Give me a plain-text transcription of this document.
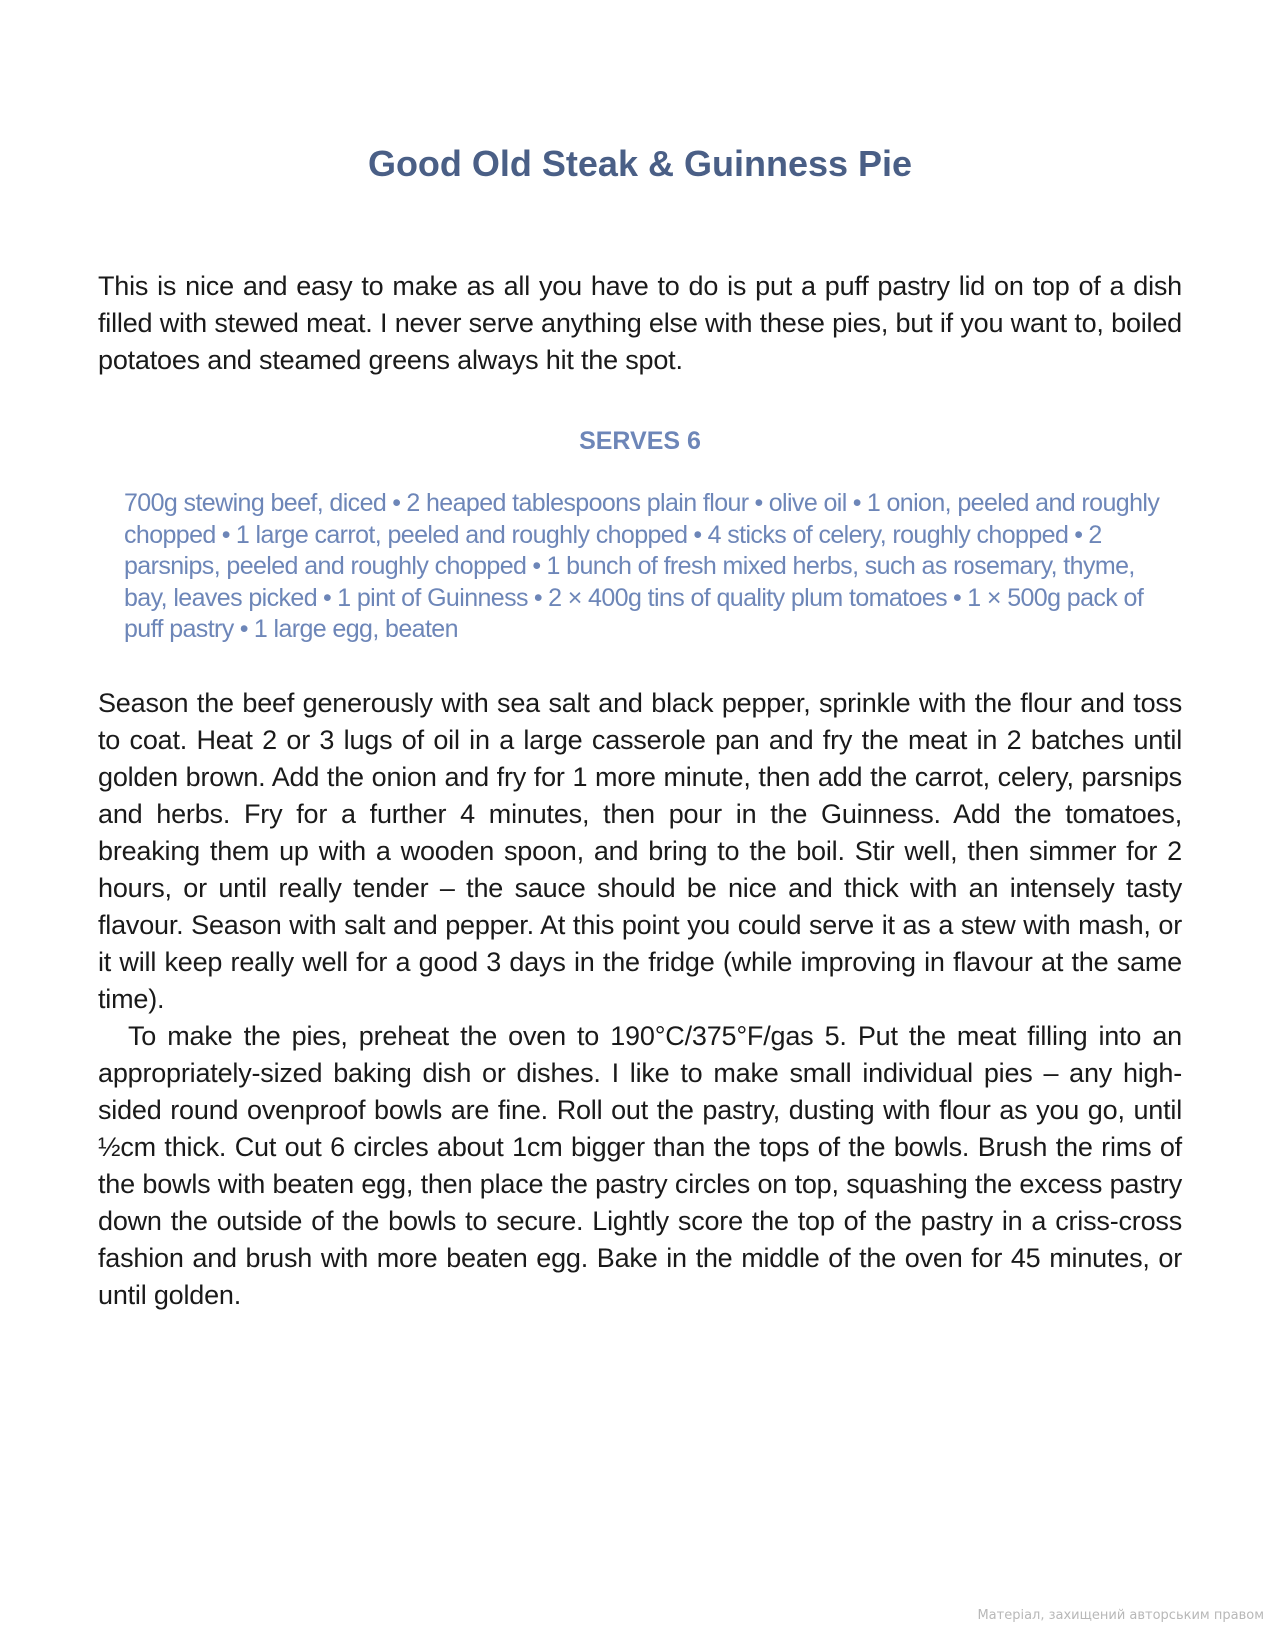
Good Old Steak & Guinness Pie

This is nice and easy to make as all you have to do is put a puff pastry lid on top of a dish filled with stewed meat. I never serve anything else with these pies, but if you want to, boiled potatoes and steamed greens always hit the spot.

SERVES 6

700g stewing beef, diced • 2 heaped tablespoons plain flour • olive oil • 1 onion, peeled and roughly chopped • 1 large carrot, peeled and roughly chopped • 4 sticks of celery, roughly chopped • 2 parsnips, peeled and roughly chopped • 1 bunch of fresh mixed herbs, such as rosemary, thyme, bay, leaves picked • 1 pint of Guinness • 2 × 400g tins of quality plum tomatoes • 1 × 500g pack of puff pastry • 1 large egg, beaten

Season the beef generously with sea salt and black pepper, sprinkle with the flour and toss to coat. Heat 2 or 3 lugs of oil in a large casserole pan and fry the meat in 2 batches until golden brown. Add the onion and fry for 1 more minute, then add the carrot, celery, parsnips and herbs. Fry for a further 4 minutes, then pour in the Guinness. Add the tomatoes, breaking them up with a wooden spoon, and bring to the boil. Stir well, then simmer for 2 hours, or until really tender – the sauce should be nice and thick with an intensely tasty flavour. Season with salt and pepper. At this point you could serve it as a stew with mash, or it will keep really well for a good 3 days in the fridge (while improving in flavour at the same time).

To make the pies, preheat the oven to 190°C/375°F/gas 5. Put the meat filling into an appropriately-sized baking dish or dishes. I like to make small individual pies – any high-sided round ovenproof bowls are fine. Roll out the pastry, dusting with flour as you go, until ½cm thick. Cut out 6 circles about 1cm bigger than the tops of the bowls. Brush the rims of the bowls with beaten egg, then place the pastry circles on top, squashing the excess pastry down the outside of the bowls to secure. Lightly score the top of the pastry in a criss-cross fashion and brush with more beaten egg. Bake in the middle of the oven for 45 minutes, or until golden.

Матеріал, захищений авторським правом
